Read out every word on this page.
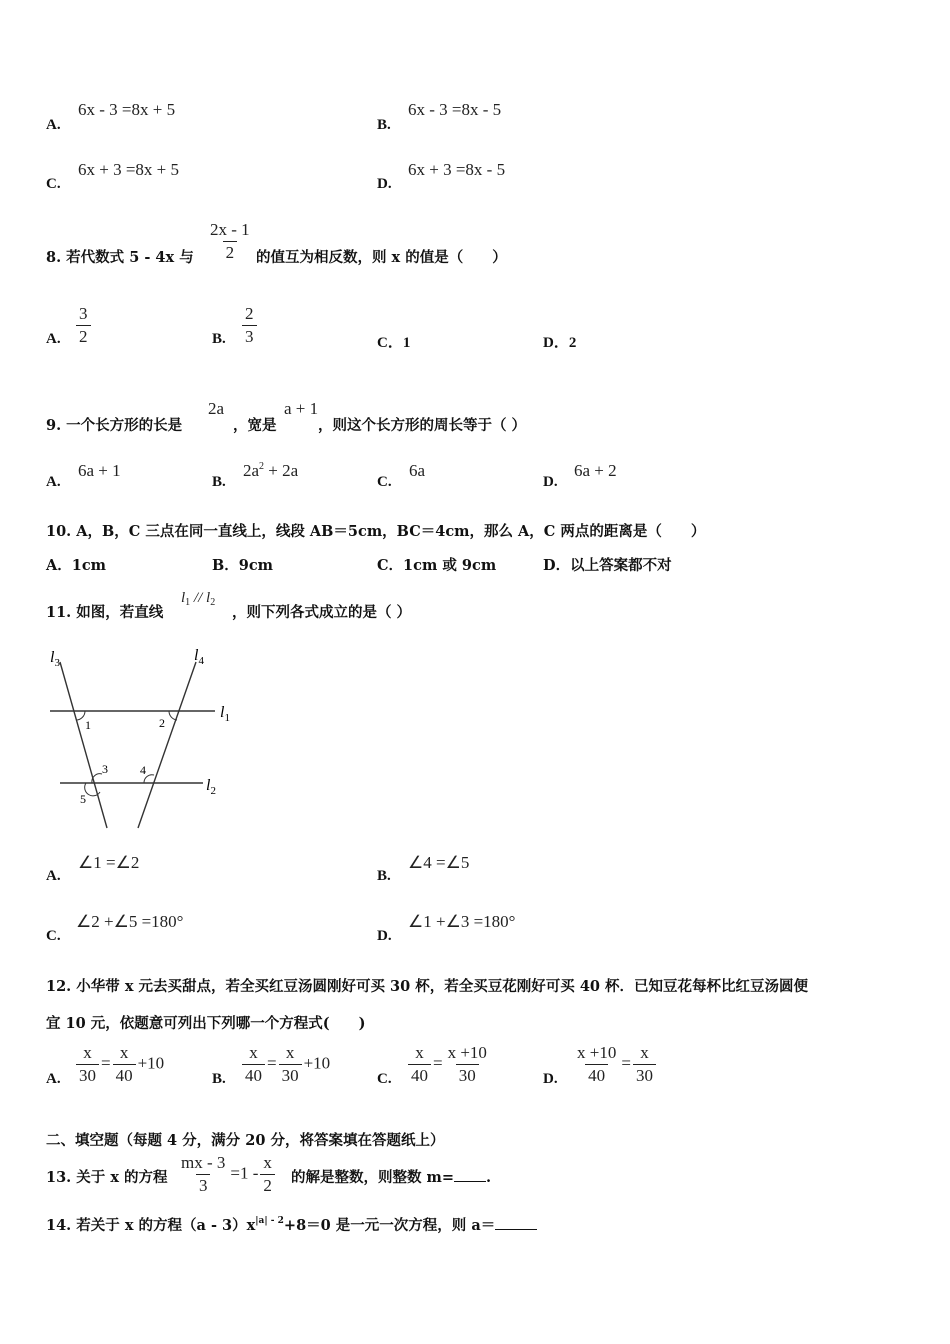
A.
6x - 3 =8x + 5
B.
6x - 3 =8x - 5
C.
6x + 3 =8x + 5
D.
6x + 3 =8x - 5
8. 若代数式 5 - 4x 与 $\frac{2x - 1}{2}$ 的值互为相反数，则 x 的值是（　　）
A. $\frac{3}{2}$	B. $\frac{2}{3}$	C．1	D．2
9. 一个长方形的长是
2a
，宽是
a + 1
，则这个长方形的周长等于（ ）
A.
6a + 1
B.
$2a^2 + 2a$
C.
6a
D.
6a + 2
10. A，B，C 三点在同一直线上，线段 AB＝5cm，BC＝4cm，那么 A，C 两点的距离是（　　）
A．1cm	B．9cm	C．1cm 或 9cm	D．以上答案都不对
11. 如图，若直线
$l_1 // l_2$
，则下列各式成立的是（ ）
$l_3$	$l_4$
$l_1$
$l_2$
1	2
3	4
5
A.
∠1 =∠2
B.
∠4 =∠5
C.
∠2 +∠5 =180°
D.
∠1 +∠3 =180°
12. 小华带 x 元去买甜点，若全买红豆汤圆刚好可买 30 杯，若全买豆花刚好可买 40 杯．已知豆花每杯比红豆汤圆便
宜 10 元，依题意可列出下列哪一个方程式(　　)
A. $\frac{x}{30} = \frac{x}{40} +10$
B. $\frac{x}{40} = \frac{x}{30} +10$
C. $\frac{x}{40} = \frac{x +10}{30}$	D. $\frac{x +10}{40} = \frac{x}{30}$
二、填空题（每题 4 分，满分 20 分，将答案填在答题纸上）
13. 关于 x 的方程 $\frac{mx - 3}{3} =1 - \frac{x}{2}$ 的解是整数，则整数 m= .
14. 若关于 x 的方程$(a - 3)x^{|a| - 2}+8=0$ 是一元一次方程，则 a＝
